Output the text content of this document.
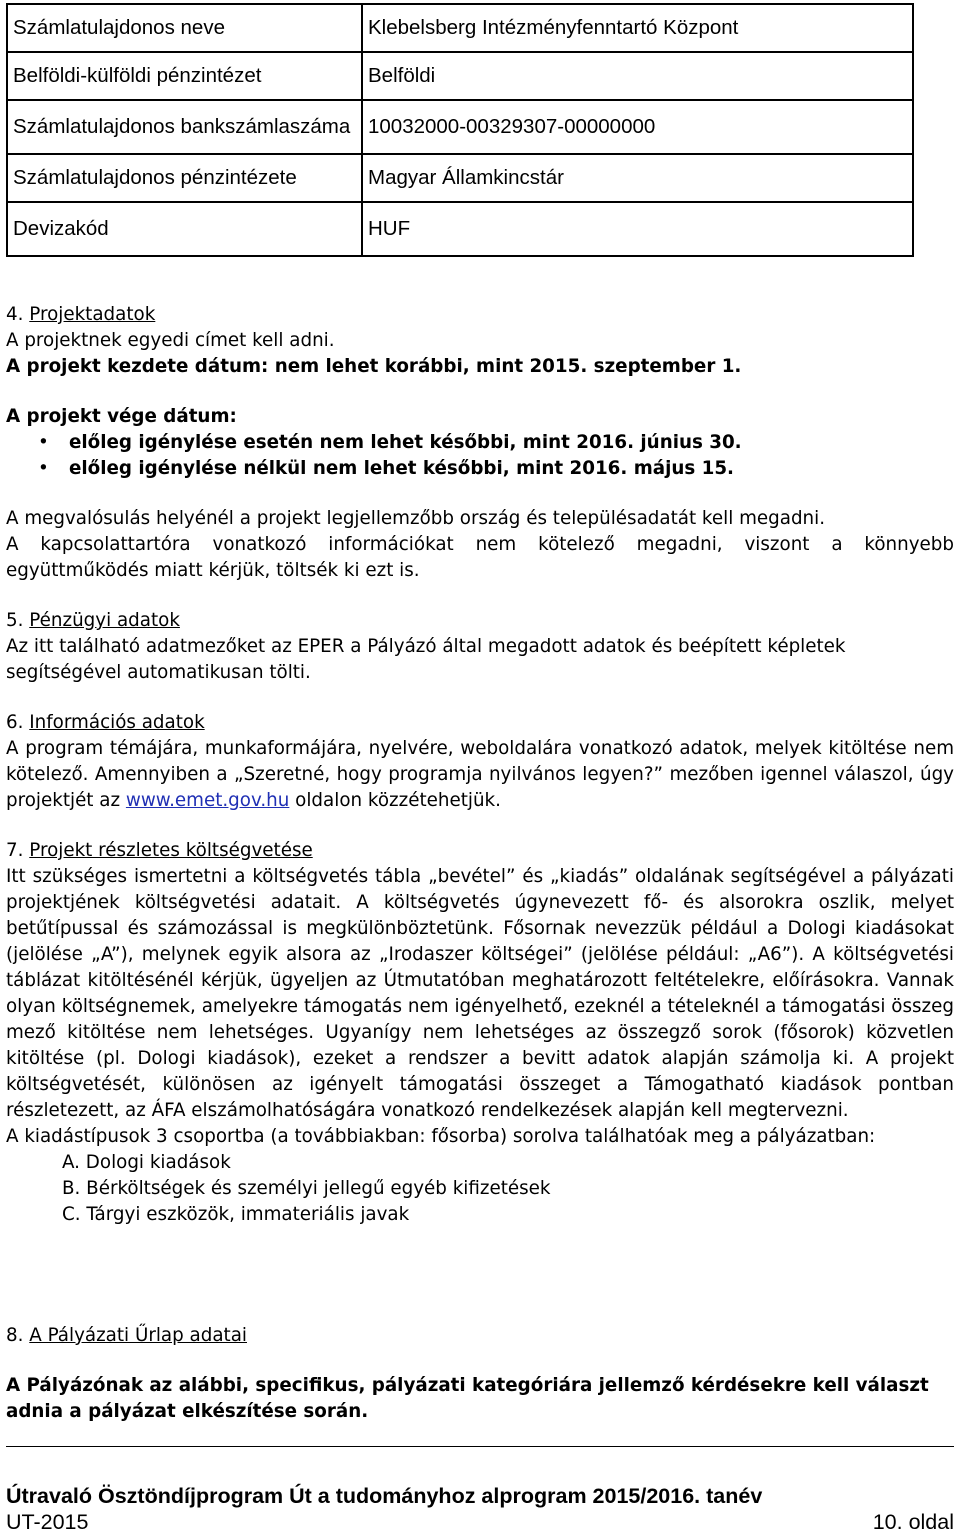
Számlatulajdonos neve	Klebelsberg Intézményfenntartó Központ
Belföldi-külföldi pénzintézet	Belföldi
Számlatulajdonos bankszámlaszáma	10032000-00329307-00000000
Számlatulajdonos pénzintézete	Magyar Államkincstár
Devizakód	HUF

4. Projektadatok

A projektnek egyedi címet kell adni.

A projekt kezdete dátum: nem lehet korábbi, mint 2015. szeptember 1.

A projekt vége dátum:

• előleg igénylése esetén nem lehet későbbi, mint 2016. június 30.
• előleg igénylése nélkül nem lehet későbbi, mint 2016. május 15.

A megvalósulás helyénél a projekt legjellemzőbb ország és településadatát kell megadni.

A kapcsolattartóra vonatkozó információkat nem kötelező megadni, viszont a könnyebb együttműködés miatt kérjük, töltsék ki ezt is.

5. Pénzügyi adatok

Az itt található adatmezőket az EPER a Pályázó által megadott adatok és beépített képletek segítségével automatikusan tölti.

6. Információs adatok

A program témájára, munkaformájára, nyelvére, weboldalára vonatkozó adatok, melyek kitöltése nem kötelező. Amennyiben a „Szeretné, hogy programja nyilvános legyen?” mezőben igennel válaszol, úgy projektjét az www.emet.gov.hu oldalon közzétehetjük.

7. Projekt részletes költségvetése

Itt szükséges ismertetni a költségvetés tábla „bevétel” és „kiadás” oldalának segítségével a pályázati projektjének költségvetési adatait. A költségvetés úgynevezett fő- és alsorokra oszlik, melyet betűtípussal és számozással is megkülönböztetünk. Fősornak nevezzük például a Dologi kiadásokat (jelölése „A”), melynek egyik alsora az „Irodaszer költségei” (jelölése például: „A6”). A költségvetési táblázat kitöltésénél kérjük, ügyeljen az Útmutatóban meghatározott feltételekre, előírásokra. Vannak olyan költségnemek, amelyekre támogatás nem igényelhető, ezeknél a tételeknél a támogatási összeg mező kitöltése nem lehetséges. Ugyanígy nem lehetséges az összegző sorok (fősorok) közvetlen kitöltése (pl. Dologi kiadások), ezeket a rendszer a bevitt adatok alapján számolja ki. A projekt költségvetését, különösen az igényelt támogatási összeget a Támogatható kiadások pontban részletezett, az ÁFA elszámolhatóságára vonatkozó rendelkezések alapján kell megtervezni.

A kiadástípusok 3 csoportba (a továbbiakban: fősorba) sorolva találhatóak meg a pályázatban:

A. Dologi kiadások
B. Bérköltségek és személyi jellegű egyéb kifizetések
C. Tárgyi eszközök, immateriális javak

8. A Pályázati Űrlap adatai

A Pályázónak az alábbi, specifikus, pályázati kategóriára jellemző kérdésekre kell választ adnia a pályázat elkészítése során.

Útravaló Ösztöndíjprogram Út a tudományhoz alprogram 2015/2016. tanév
UT-2015	10. oldal
